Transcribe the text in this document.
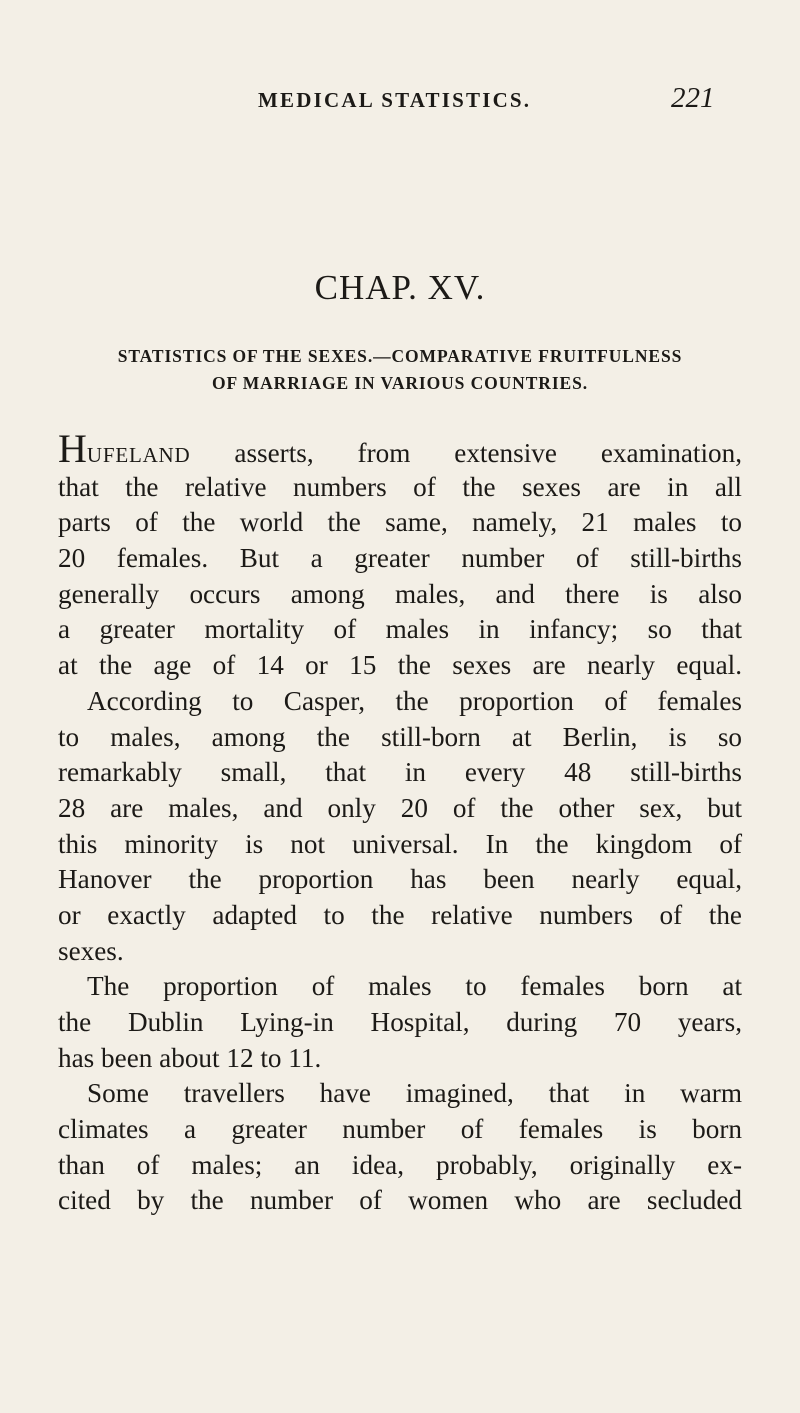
MEDICAL STATISTICS.	221
CHAP. XV.
STATISTICS OF THE SEXES.—COMPARATIVE FRUITFULNESS
OF MARRIAGE IN VARIOUS COUNTRIES.
HUFELAND asserts, from extensive examination,
that the relative numbers of the sexes are in all
parts of the world the same, namely, 21 males to
20 females. But a greater number of still-births
generally occurs among males, and there is also
a greater mortality of males in infancy; so that
at the age of 14 or 15 the sexes are nearly equal.
According to Casper, the proportion of females
to males, among the still-born at Berlin, is so
remarkably small, that in every 48 still-births
28 are males, and only 20 of the other sex, but
this minority is not universal. In the kingdom of
Hanover the proportion has been nearly equal,
or exactly adapted to the relative numbers of the
sexes.
The proportion of males to females born at
the Dublin Lying-in Hospital, during 70 years,
has been about 12 to 11.
Some travellers have imagined, that in warm
climates a greater number of females is born
than of males; an idea, probably, originally ex-
cited by the number of women who are secluded
